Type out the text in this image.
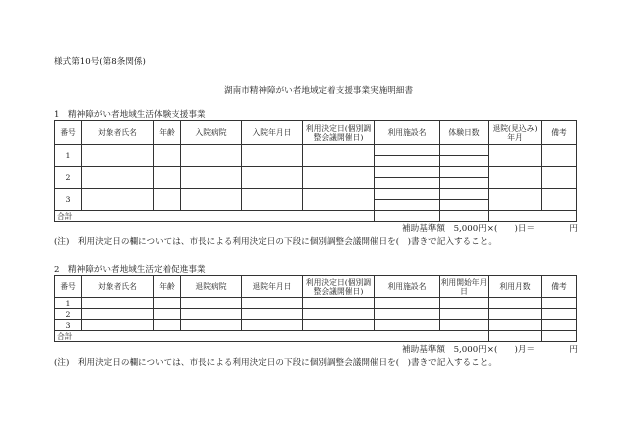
様式第10号(第8条関係)
湖南市精神障がい者地域定着支援事業実施明細書
1　精神障がい者地域生活体験支援事業
番号	対象者氏名	年齢	入院病院	入院年月日	利用決定日(個別調整会議開催日)	利用施設名	体験日数	退院(見込み)年月	備考
1									

2									

3									

合計									
補助基準額　5,000円×(　　)日＝　　　　円
(注)　利用決定日の欄については、市長による利用決定日の下段に個別調整会議開催日を(　)書きで記入すること。
2　精神障がい者地域生活定着促進事業
番号	対象者氏名	年齢	退院病院	退院年月日	利用決定日(個別調整会議開催日)	利用施設名	利用開始年月日	利用月数	備考
1									
2									
3									
合計									
補助基準額　5,000円×(　　)月＝　　　　円
(注)　利用決定日の欄については、市長による利用決定日の下段に個別調整会議開催日を(　)書きで記入すること。
